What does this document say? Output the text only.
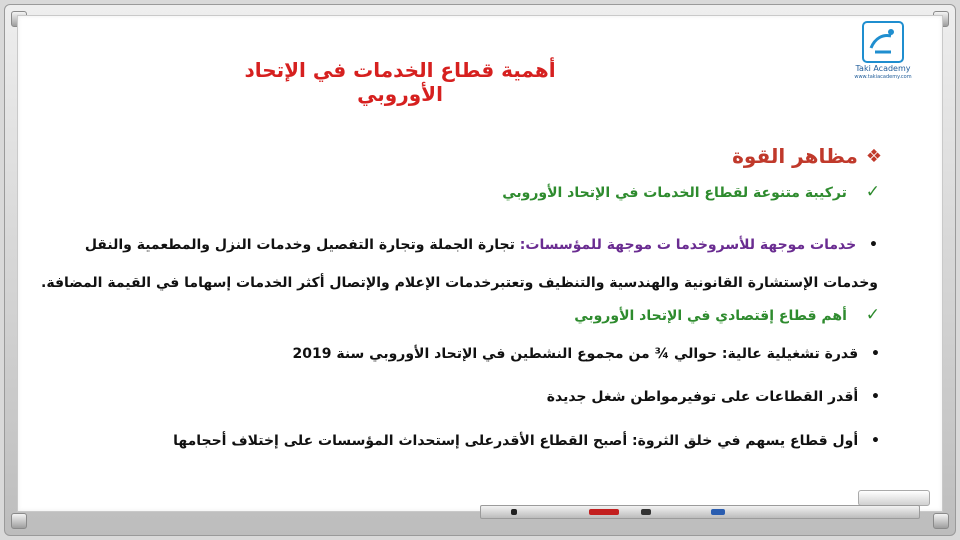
Taki Academy
www.takiacademy.com
أهمية قطاع الخدمات في الإتحاد الأوروبي
❖
مظاهر القوة
✓ تركيبة متنوعة لقطاع الخدمات في الإتحاد الأوروبي
• خدمات موجهة للأسروخدما ت موجهة للمؤسسات: تجارة الجملة وتجارة التفصيل وخدمات النزل والمطعمية والنقل وخدمات الإستشارة القانونية والهندسية والتنظيف وتعتبرخدمات الإعلام والإتصال أكثر الخدمات إسهاما في القيمة المضافة.
✓ أهم قطاع إقتصادي في الإتحاد الأوروبي
• قدرة تشغيلية عالية: حوالي ¾ من مجموع النشطين في الإتحاد الأوروبي سنة 2019
• أقدر القطاعات على توفيرمواطن شغل جديدة
• أول قطاع يسهم في خلق الثروة: أصبح القطاع الأقدرعلى إستحداث المؤسسات على إختلاف أحجامها
